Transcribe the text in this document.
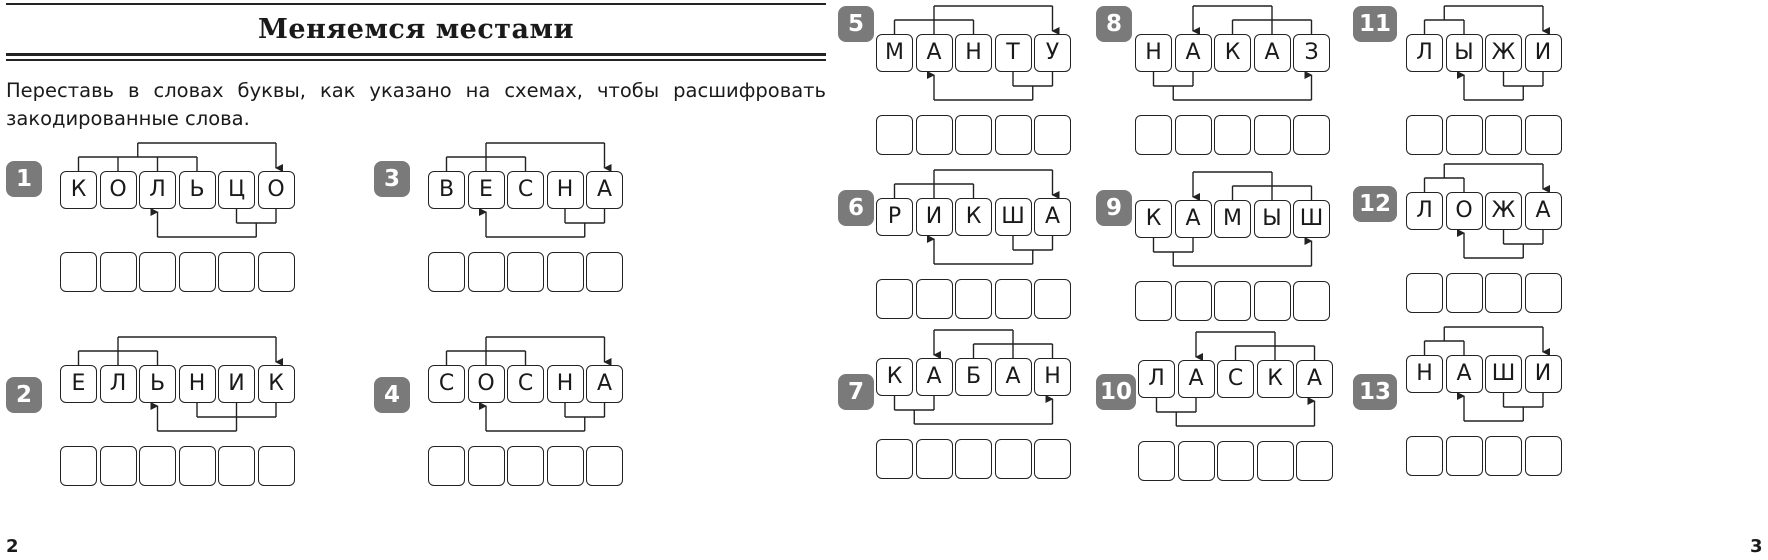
Меняемся местами
Переставь в словах буквы, как указано на схемах, чтобы расшифровать закодированные слова.
2	3
1	К	О	Л	Ь	Ц	О
2	Е	Л	Ь	Н	И	К
3	В	Е	С	Н	А
4	С	О	С	Н	А
5
М	А	Н	Т	У
6	Р	И	К Ш А
7
К	А	Б	А	Н
8
Н	А	К	А	З
9	К	А	М Ы Ш
10
Л	А	С	К	А
11
Л Ы Ж И
12	Л	О Ж А
13
Н	А Ш И
